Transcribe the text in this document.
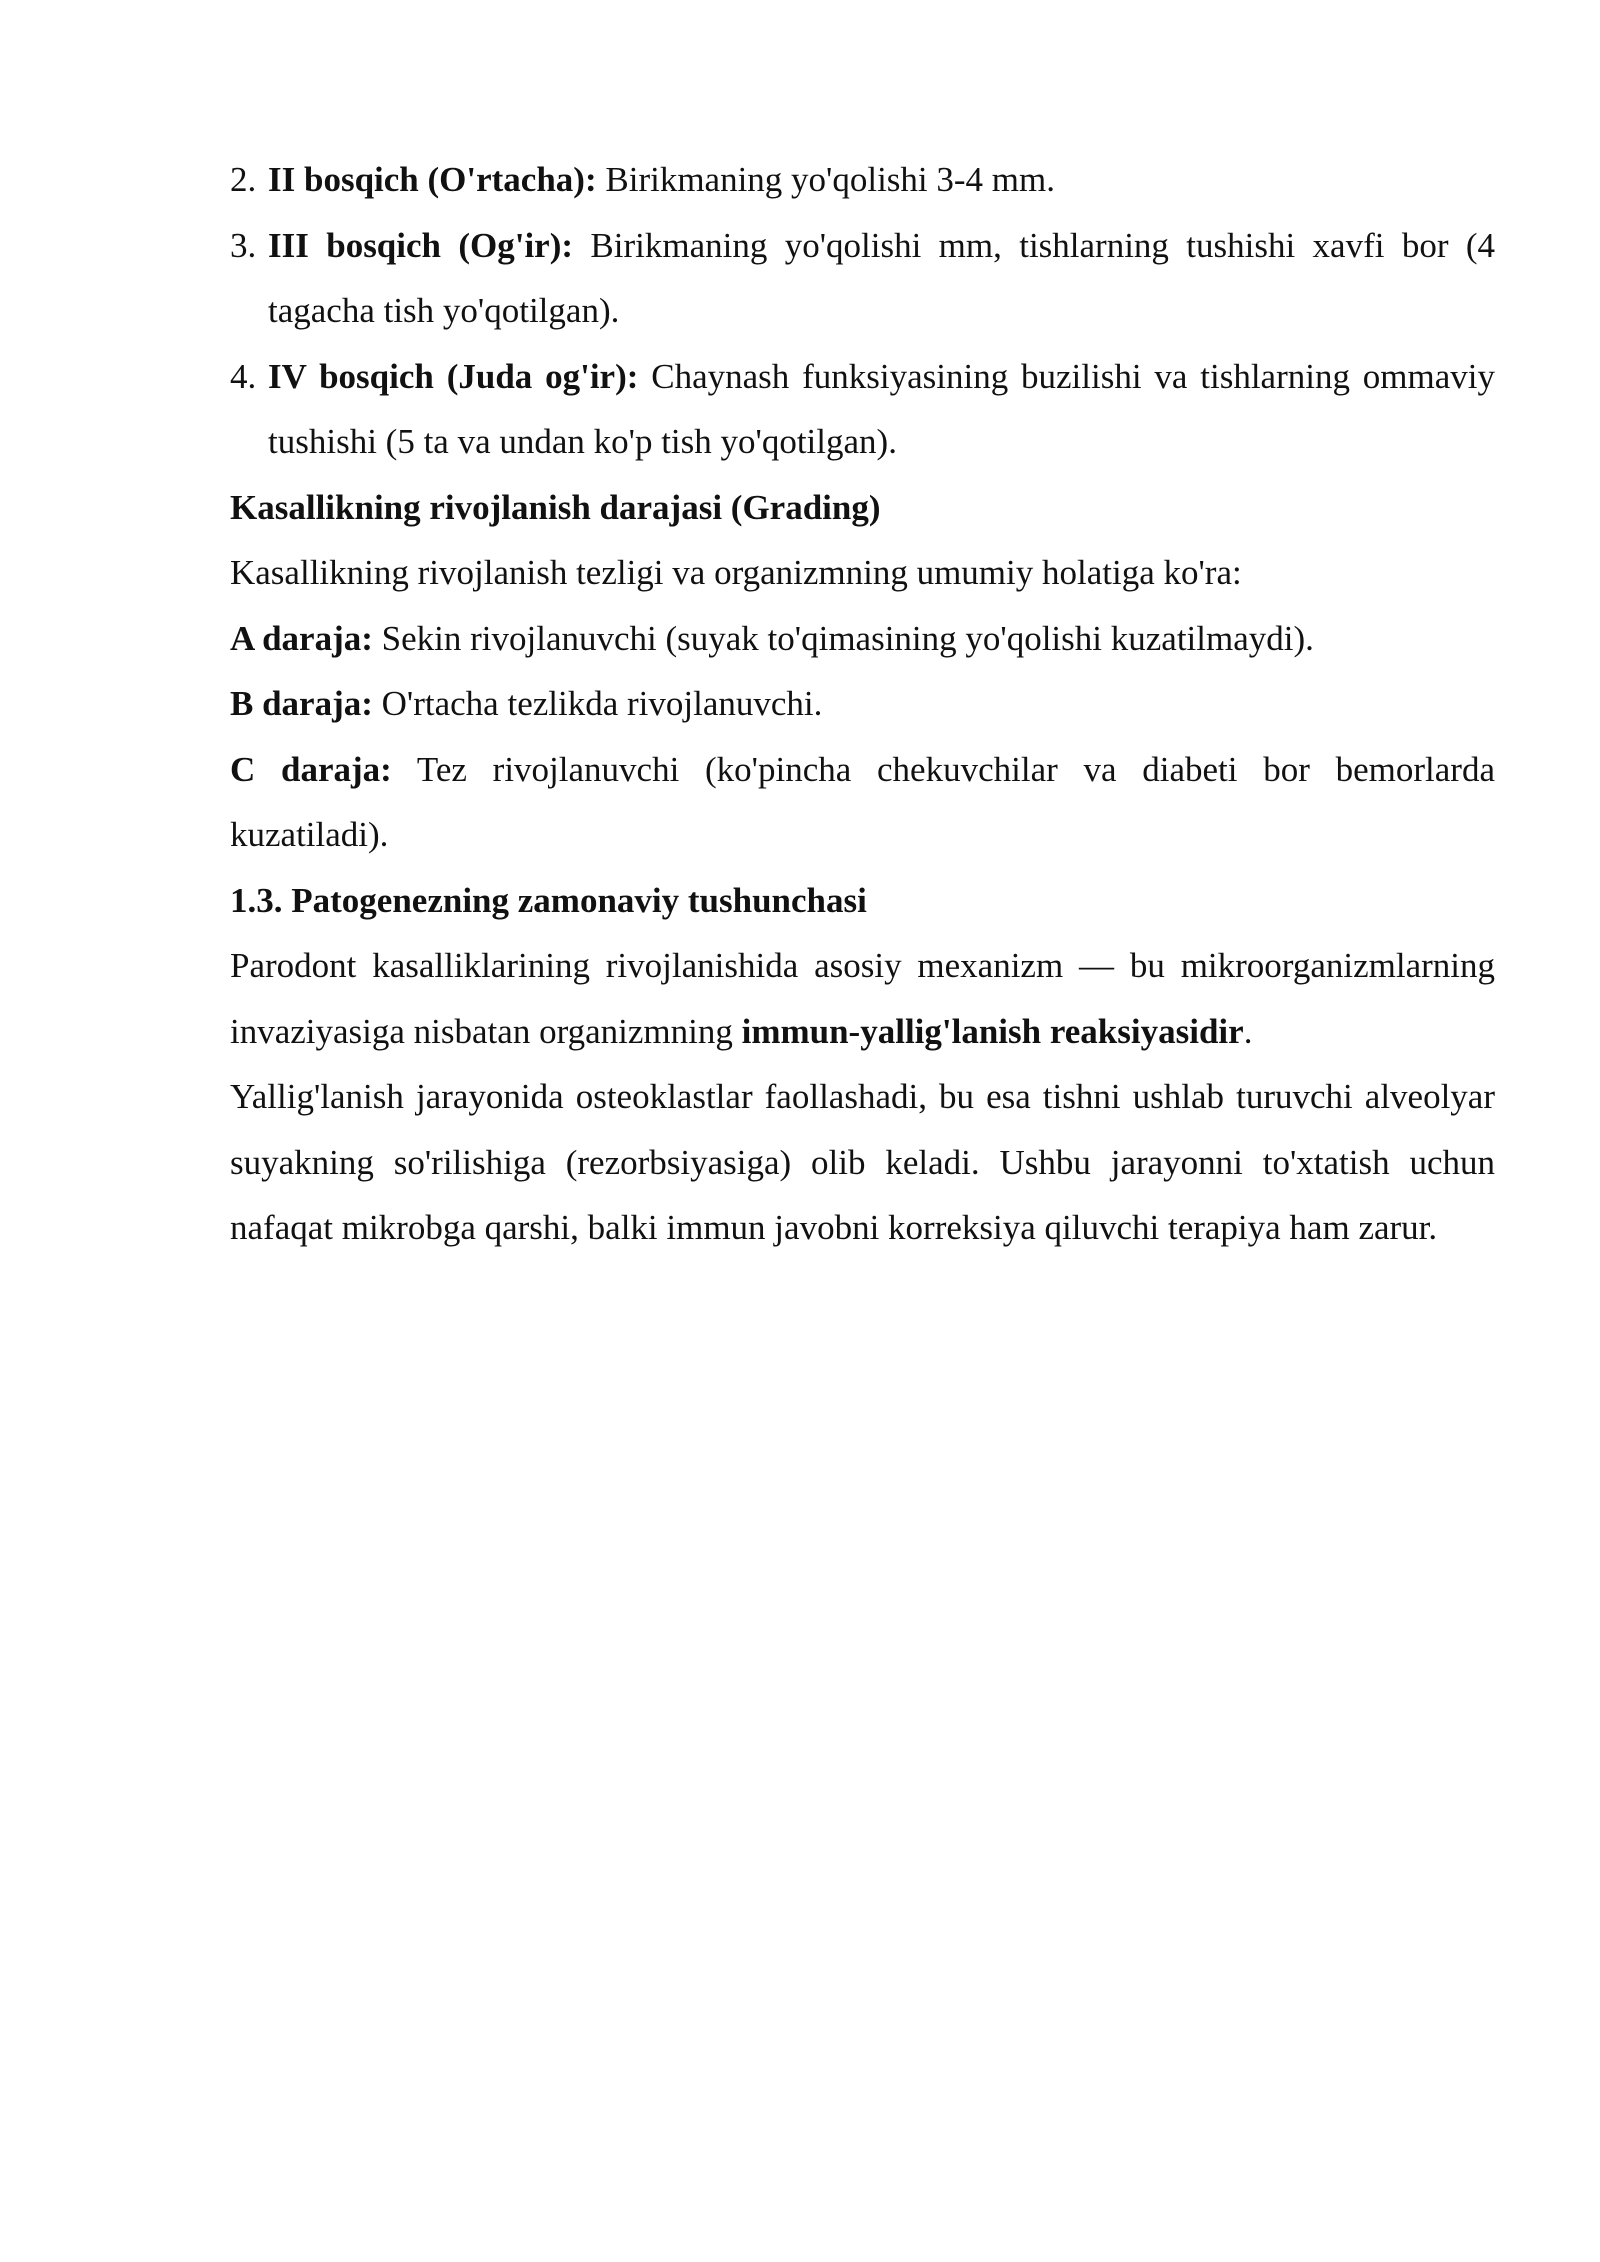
2. II bosqich (O'rtacha): Birikmaning yo'qolishi 3-4 mm.
3. III bosqich (Og'ir): Birikmaning yo'qolishi mm, tishlarning tushishi xavfi bor (4 tagacha tish yo'qotilgan).
4. IV bosqich (Juda og'ir): Chaynash funksiyasining buzilishi va tishlarning ommaviy tushishi (5 ta va undan ko'p tish yo'qotilgan).

Kasallikning rivojlanish darajasi (Grading)

Kasallikning rivojlanish tezligi va organizmning umumiy holatiga ko'ra:

A daraja: Sekin rivojlanuvchi (suyak to'qimasining yo'qolishi kuzatilmaydi).

B daraja: O'rtacha tezlikda rivojlanuvchi.

C daraja: Tez rivojlanuvchi (ko'pincha chekuvchilar va diabeti bor bemorlarda kuzatiladi).

1.3. Patogenezning zamonaviy tushunchasi

Parodont kasalliklarining rivojlanishida asosiy mexanizm — bu mikroorganizmlarning invaziyasiga nisbatan organizmning immun-yallig'lanish reaksiyasidir.

Yallig'lanish jarayonida osteoklastlar faollashadi, bu esa tishni ushlab turuvchi alveolyar suyakning so'rilishiga (rezorbsiyasiga) olib keladi. Ushbu jarayonni to'xtatish uchun nafaqat mikrobga qarshi, balki immun javobni korreksiya qiluvchi terapiya ham zarur.
